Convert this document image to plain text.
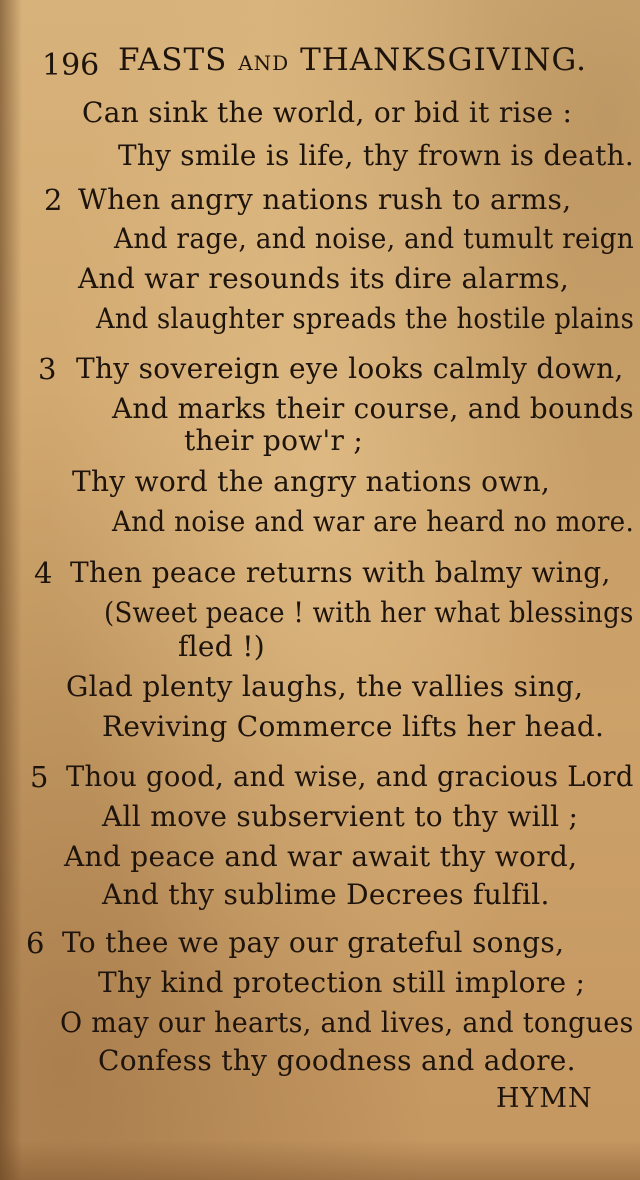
196 FASTS AND THANKSGIVING.
Can sink the world, or bid it rise :
Thy smile is life, thy frown is death.
2 When angry nations rush to arms,
And rage, and noise, and tumult reign
And war resounds its dire alarms,
And slaughter spreads the hostile plains
3 Thy sovereign eye looks calmly down,
And marks their course, and bounds
their pow'r ;
Thy word the angry nations own,
And noise and war are heard no more.
4 Then peace returns with balmy wing,
(Sweet peace ! with her what blessings
fled !)
Glad plenty laughs, the vallies sing,
Reviving Commerce lifts her head.
5 Thou good, and wise, and gracious Lord
All move subservient to thy will ;
And peace and war await thy word,
And thy sublime Decrees fulfil.
6 To thee we pay our grateful songs,
Thy kind protection still implore ;
O may our hearts, and lives, and tongues
Confess thy goodness and adore.
HYMN
